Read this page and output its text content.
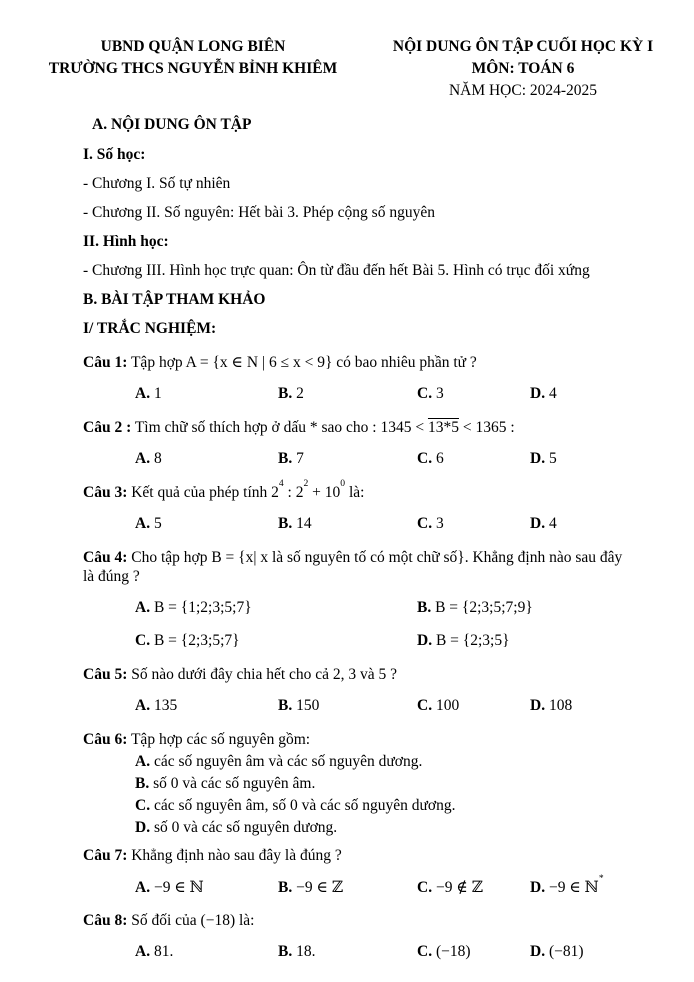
UBND QUẬN LONG BIÊN
TRƯỜNG THCS NGUYỄN BỈNH KHIÊM
NỘI DUNG ÔN TẬP CUỐI HỌC KỲ I
MÔN: TOÁN 6
NĂM HỌC: 2024-2025

A. NỘI DUNG ÔN TẬP

I. Số học:

- Chương I. Số tự nhiên

- Chương II. Số nguyên: Hết bài 3. Phép cộng số nguyên

II. Hình học:

- Chương III. Hình học trực quan: Ôn từ đầu đến hết Bài 5. Hình có trục đối xứng

B. BÀI TẬP THAM KHẢO

I/ TRẮC NGHIỆM:

Câu 1: Tập hợp A = {x ∈ N | 6 ≤ x < 9} có bao nhiêu phần tử ?

A. 1	B. 2	C. 3	D. 4

Câu 2 : Tìm chữ số thích hợp ở dấu * sao cho : 1345 < 13*5 < 1365 :

A. 8	B. 7	C. 6	D. 5

Câu 3: Kết quả của phép tính $2^4$ : $2^2 + 10^0$ là:

A. 5	B. 14	C. 3	D. 4

Câu 4: Cho tập hợp B = {x| x là số nguyên tố có một chữ số}. Khẳng định nào sau đây
là đúng ?

A. B = {1;2;3;5;7}	B. B = {2;3;5;7;9}
C. B = {2;3;5;7}	D. B = {2;3;5}

Câu 5: Số nào dưới đây chia hết cho cả 2, 3 và 5 ?

A. 135	B. 150	C. 100	D. 108

Câu 6: Tập hợp các số nguyên gồm:

A. các số nguyên âm và các số nguyên dương.

B. số 0 và các số nguyên âm.

C. các số nguyên âm, số 0 và các số nguyên dương.

D. số 0 và các số nguyên dương.

Câu 7: Khẳng định nào sau đây là đúng ?

A. −9 ∈ ℕ	B. −9 ∈ ℤ	C. −9 ∉ ℤ	D. −9 ∈ ℕ*

Câu 8: Số đối của (−18) là:

A. 81.	B. 18.	C. (−18)	D. (−81)
